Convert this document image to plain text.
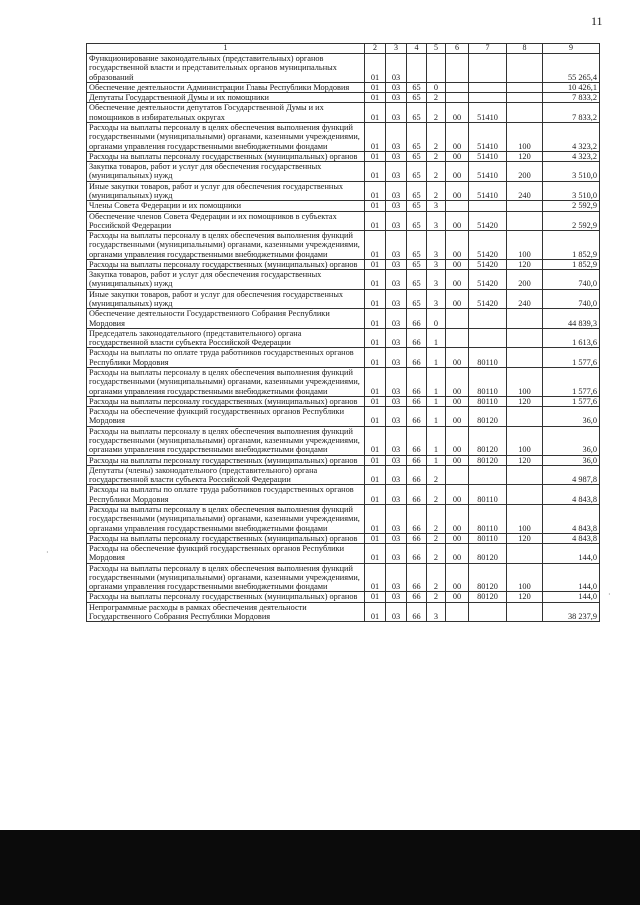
11
1	2	3	4	5	6	7	8	9
Функционирование законодательных (представительных) органов государственной власти и представительных органов муниципальных образований	01	03						55 265,4
Обеспечение деятельности Администрации Главы Республики Мордовия	01	03	65	0				10 426,1
Депутаты Государственной Думы и их помощники	01	03	65	2				7 833,2
Обеспечение деятельности депутатов Государственной Думы и их помощников в избирательных округах	01	03	65	2	00	51410		7 833,2
Расходы на выплаты персоналу в целях обеспечения выполнения функций государственными (муниципальными) органами, казенными учреждениями, органами управления государственными внебюджетными фондами	01	03	65	2	00	51410	100	4 323,2
Расходы на выплаты персоналу государственных (муниципальных) органов	01	03	65	2	00	51410	120	4 323,2
Закупка товаров, работ и услуг для обеспечения государственных (муниципальных) нужд	01	03	65	2	00	51410	200	3 510,0
Иные закупки товаров, работ и услуг для обеспечения государственных (муниципальных) нужд	01	03	65	2	00	51410	240	3 510,0
Члены Совета Федерации и их помощники	01	03	65	3				2 592,9
Обеспечение членов Совета Федерации и их помощников в субъектах Российской Федерации	01	03	65	3	00	51420		2 592,9
Расходы на выплаты персоналу в целях обеспечения выполнения функций государственными (муниципальными) органами, казенными учреждениями, органами управления государственными внебюджетными фондами	01	03	65	3	00	51420	100	1 852,9
Расходы на выплаты персоналу государственных (муниципальных) органов	01	03	65	3	00	51420	120	1 852,9
Закупка товаров, работ и услуг для обеспечения государственных (муниципальных) нужд	01	03	65	3	00	51420	200	740,0
Иные закупки товаров, работ и услуг для обеспечения государственных (муниципальных) нужд	01	03	65	3	00	51420	240	740,0
Обеспечение деятельности Государственного Собрания Республики Мордовия	01	03	66	0				44 839,3
Председатель законодательного (представительного) органа государственной власти субъекта Российской Федерации	01	03	66	1				1 613,6
Расходы на выплаты по оплате труда работников государственных органов Республики Мордовия	01	03	66	1	00	80110		1 577,6
Расходы на выплаты персоналу в целях обеспечения выполнения функций государственными (муниципальными) органами, казенными учреждениями, органами управления государственными внебюджетными фондами	01	03	66	1	00	80110	100	1 577,6
Расходы на выплаты персоналу государственных (муниципальных) органов	01	03	66	1	00	80110	120	1 577,6
Расходы на обеспечение функций государственных органов Республики Мордовия	01	03	66	1	00	80120		36,0
Расходы на выплаты персоналу в целях обеспечения выполнения функций государственными (муниципальными) органами, казенными учреждениями, органами управления государственными внебюджетными фондами	01	03	66	1	00	80120	100	36,0
Расходы на выплаты персоналу государственных (муниципальных) органов	01	03	66	1	00	80120	120	36,0
Депутаты (члены) законодательного (представительного) органа государственной власти субъекта Российской Федерации	01	03	66	2				4 987,8
Расходы на выплаты по оплате труда работников государственных органов Республики Мордовия	01	03	66	2	00	80110		4 843,8
Расходы на выплаты персоналу в целях обеспечения выполнения функций государственными (муниципальными) органами, казенными учреждениями, органами управления государственными внебюджетными фондами	01	03	66	2	00	80110	100	4 843,8
Расходы на выплаты персоналу государственных (муниципальных) органов	01	03	66	2	00	80110	120	4 843,8
Расходы на обеспечение функций государственных органов Республики Мордовия	01	03	66	2	00	80120		144,0
Расходы на выплаты персоналу в целях обеспечения выполнения функций государственными (муниципальными) органами, казенными учреждениями, органами управления государственными внебюджетными фондами	01	03	66	2	00	80120	100	144,0
Расходы на выплаты персоналу государственных (муниципальных) органов	01	03	66	2	00	80120	120	144,0
Непрограммные расходы в рамках обеспечения деятельности Государственного Собрания Республики Мордовия	01	03	66	3				38 237,9
·
·
